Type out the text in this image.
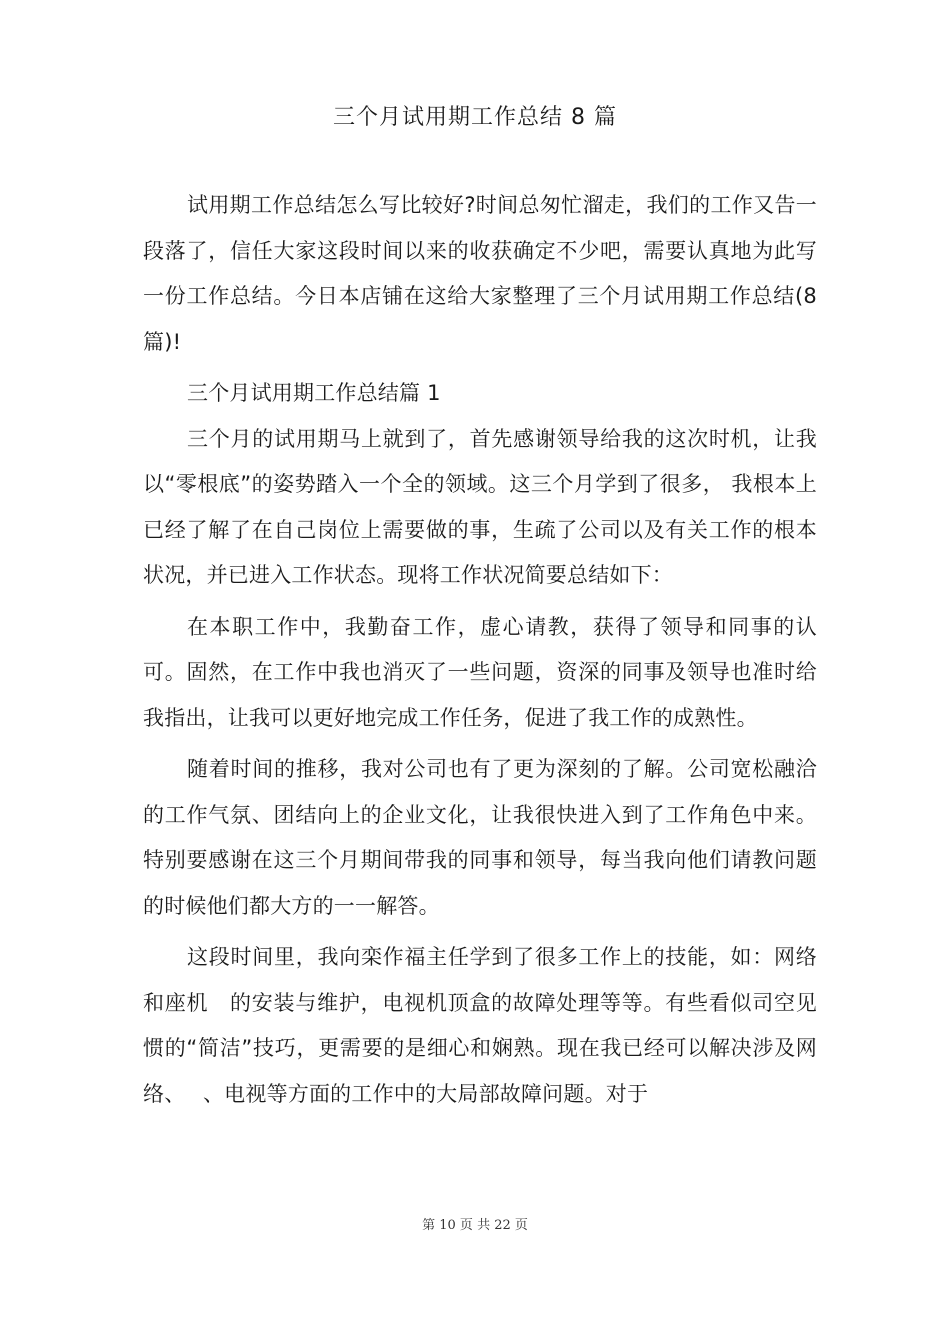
三个月试用期工作总结 8 篇

试用期工作总结怎么写比较好?时间总匆忙溜走，我们的工作又告一段落了，信任大家这段时间以来的收获确定不少吧，需要认真地为此写一份工作总结。今日本店铺在这给大家整理了三个月试用期工作总结(8 篇)!

三个月试用期工作总结篇 1

三个月的试用期马上就到了，首先感谢领导给我的这次时机，让我以“零根底”的姿势踏入一个全的领域。这三个月学到了很多， 我根本上已经了解了在自己岗位上需要做的事，生疏了公司以及有关工作的根本状况，并已进入工作状态。现将工作状况简要总结如下：

在本职工作中，我勤奋工作，虚心请教，获得了领导和同事的认可。固然，在工作中我也消灭了一些问题，资深的同事及领导也准时给我指出，让我可以更好地完成工作任务，促进了我工作的成熟性。

随着时间的推移，我对公司也有了更为深刻的了解。公司宽松融洽的工作气氛、团结向上的企业文化，让我很快进入到了工作角色中来。特别要感谢在这三个月期间带我的同事和领导，每当我向他们请教问题的时候他们都大方的一一解答。

这段时间里，我向栾作福主任学到了很多工作上的技能，如：网络和座机　的安装与维护，电视机顶盒的故障处理等等。有些看似司空见惯的“简洁”技巧，更需要的是细心和娴熟。现在我已经可以解决涉及网络、　 、电视等方面的工作中的大局部故障问题。对于

第 10 页 共 22 页
